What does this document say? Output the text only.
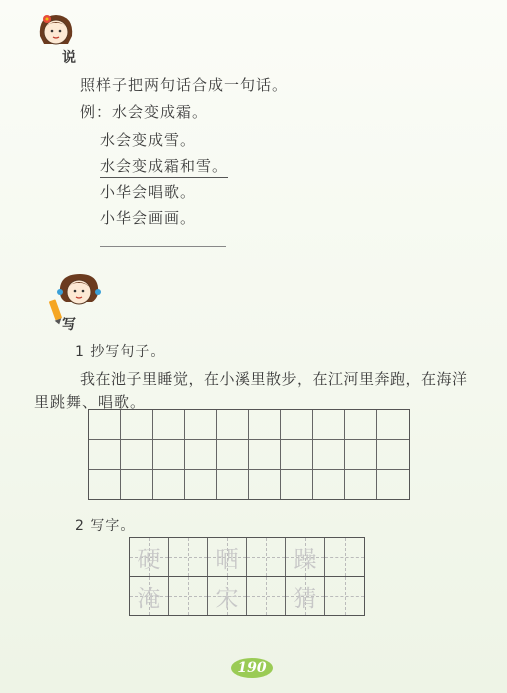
说
照样子把两句话合成一句话。
例：水会变成霜。
水会变成雪。
水会变成霜和雪。
小华会唱歌。
小华会画画。
写
1 抄写句子。
我在池子里睡觉，在小溪里散步，在江河里奔跑，在海洋
里跳舞、唱歌。
2 写字。
硬 晒 躁
淹 宋 猜
190
